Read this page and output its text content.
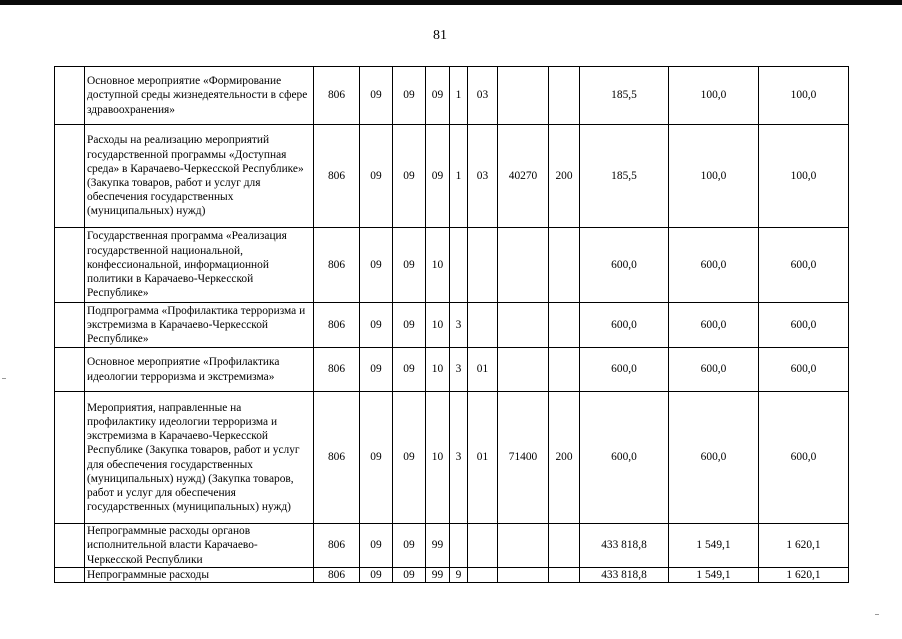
81
	Основное мероприятие «Формирование доступной среды жизнедеятельности в сфере здравоохранения»	806	09	09	09	1	03			185,5	100,0	100,0
	Расходы на реализацию мероприятий государственной программы «Доступная среда» в Карачаево-Черкесской Республике» (Закупка товаров, работ и услуг для обеспечения государственных (муниципальных) нужд)	806	09	09	09	1	03	40270	200	185,5	100,0	100,0
	Государственная программа «Реализация государственной национальной, конфессиональной, информационной политики в Карачаево-Черкесской Республике»	806	09	09	10					600,0	600,0	600,0
	Подпрограмма «Профилактика терроризма и экстремизма в Карачаево-Черкесской Республике»	806	09	09	10	3				600,0	600,0	600,0
	Основное мероприятие «Профилактика идеологии терроризма и экстремизма»	806	09	09	10	3	01			600,0	600,0	600,0
	Мероприятия, направленные на профилактику идеологии терроризма и экстремизма в Карачаево-Черкесской Республике (Закупка товаров, работ и услуг для обеспечения государственных (муниципальных) нужд) (Закупка товаров, работ и услуг для обеспечения государственных (муниципальных) нужд)	806	09	09	10	3	01	71400	200	600,0	600,0	600,0
	Непрограммные расходы органов исполнительной власти Карачаево-Черкесской Республики	806	09	09	99					433 818,8	1 549,1	1 620,1
	Непрограммные расходы	806	09	09	99	9				433 818,8	1 549,1	1 620,1
